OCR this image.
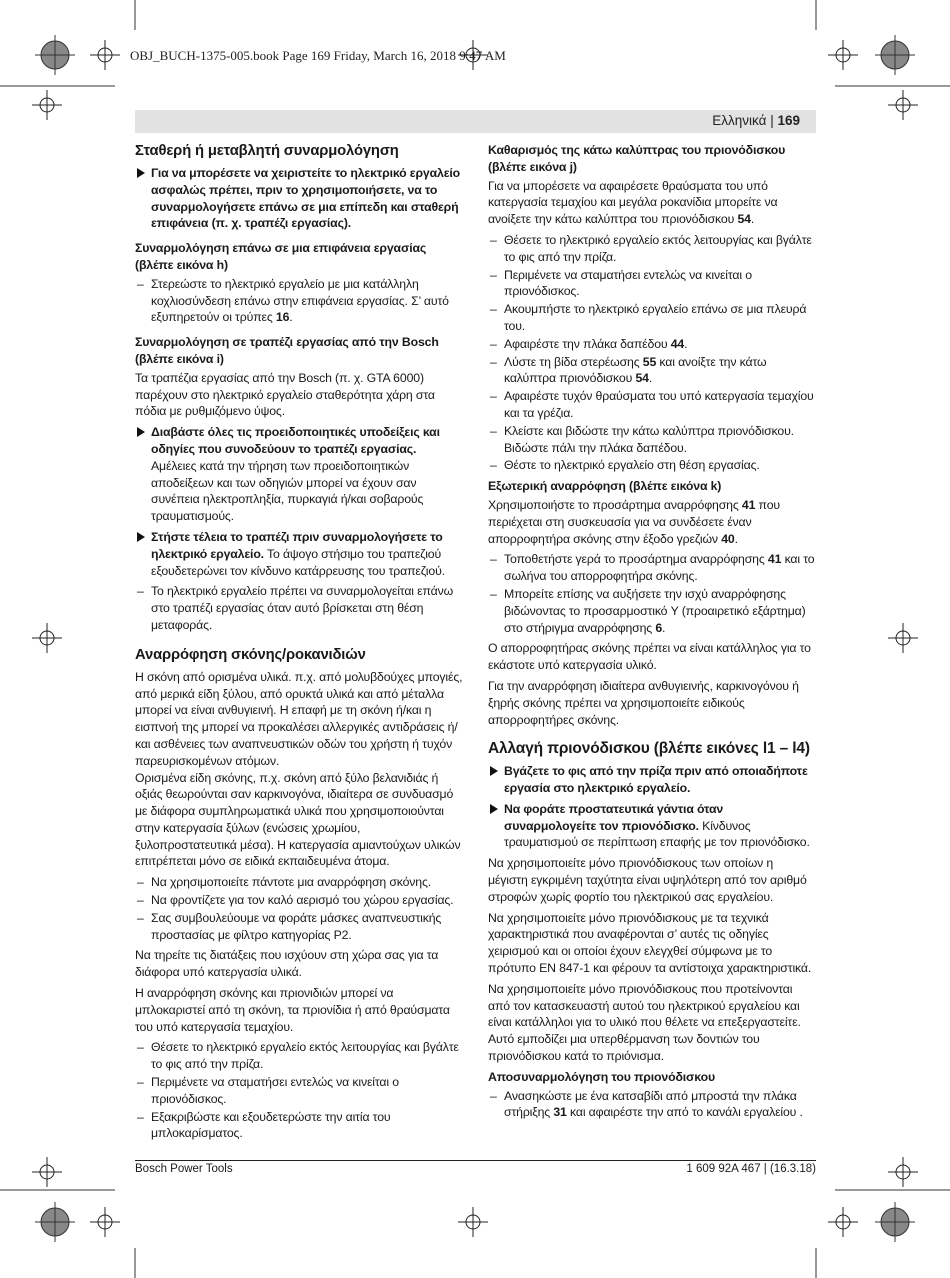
OBJ_BUCH-1375-005.book Page 169 Friday, March 16, 2018 9:47 AM
Ελληνικά | 169
Σταθερή ή μεταβλητή συναρμολόγηση
Για να μπορέσετε να χειριστείτε το ηλεκτρικό εργαλείο ασφαλώς πρέπει, πριν το χρησιμοποιήσετε, να το συναρμολογήσετε επάνω σε μια επίπεδη και σταθερή επιφάνεια (π. χ. τραπέζι εργασίας).
Συναρμολόγηση επάνω σε μια επιφάνεια εργασίας (βλέπε εικόνα h)
– Στερεώστε το ηλεκτρικό εργαλείο με μια κατάλληλη κοχλιοσύνδεση επάνω στην επιφάνεια εργασίας. Σ’ αυτό εξυπηρετούν οι τρύπες 16.
Συναρμολόγηση σε τραπέζι εργασίας από την Bosch (βλέπε εικόνα i)

Τα τραπέζια εργασίας από την Bosch (π. χ. GTA 6000) παρέχουν στο ηλεκτρικό εργαλείο σταθερότητα χάρη στα πόδια με ρυθμιζόμενο ύψος.

Διαβάστε όλες τις προειδοποιητικές υποδείξεις και οδηγίες που συνοδεύουν το τραπέζι εργασίας. Αμέλειες κατά την τήρηση των προειδοποιητικών αποδείξεων και των οδηγιών μπορεί να έχουν σαν συνέπεια ηλεκτροπληξία, πυρκαγιά ή/και σοβαρούς τραυματισμούς.
Στήστε τέλεια το τραπέζι πριν συναρμολογήσετε το ηλεκτρικό εργαλείο. Το άψογο στήσιμο του τραπεζιού εξουδετερώνει τον κίνδυνο κατάρρευσης του τραπεζιού.
– Το ηλεκτρικό εργαλείο πρέπει να συναρμολογείται επάνω στο τραπέζι εργασίας όταν αυτό βρίσκεται στη θέση μεταφοράς.
Αναρρόφηση σκόνης/ροκανιδιών

Η σκόνη από ορισμένα υλικά. π.χ. από μολυβδούχες μπογιές, από μερικά είδη ξύλου, από ορυκτά υλικά και από μέταλλα μπορεί να είναι ανθυγιεινή. Η επαφή με τη σκόνη ή/και η εισπνοή της μπορεί να προκαλέσει αλλεργικές αντιδράσεις ή/και ασθένειες των αναπνευστικών οδών του χρήστη ή τυχόν παρευρισκομένων ατόμων.

Ορισμένα είδη σκόνης, π.χ. σκόνη από ξύλο βελανιδιάς ή οξιάς θεωρούνται σαν καρκινογόνα, ιδιαίτερα σε συνδυασμό με διάφορα συμπληρωματικά υλικά που χρησιμοποιούνται στην κατεργασία ξύλων (ενώσεις χρωμίου, ξυλοπροστατευτικά μέσα). Η κατεργασία αμιαντούχων υλικών επιτρέπεται μόνο σε ειδικά εκπαιδευμένα άτομα.

– Να χρησιμοποιείτε πάντοτε μια αναρρόφηση σκόνης.
– Να φροντίζετε για τον καλό αερισμό του χώρου εργασίας.
– Σας συμβουλεύουμε να φοράτε μάσκες αναπνευστικής προστασίας με φίλτρο κατηγορίας P2.

Να τηρείτε τις διατάξεις που ισχύουν στη χώρα σας για τα διάφορα υπό κατεργασία υλικά.

Η αναρρόφηση σκόνης και πριονιδιών μπορεί να μπλοκαριστεί από τη σκόνη, τα πριονίδια ή από θραύσματα του υπό κατεργασία τεμαχίου.

– Θέσετε το ηλεκτρικό εργαλείο εκτός λειτουργίας και βγάλτε το φις από την πρίζα.
– Περιμένετε να σταματήσει εντελώς να κινείται ο πριονόδισκος.
– Εξακριβώστε και εξουδετερώστε την αιτία του μπλοκαρίσματος.
Καθαρισμός της κάτω καλύπτρας του πριονόδισκου (βλέπε εικόνα j)

Για να μπορέσετε να αφαιρέσετε θραύσματα του υπό κατεργασία τεμαχίου και μεγάλα ροκανίδια μπορείτε να ανοίξετε την κάτω καλύπτρα του πριονόδισκου 54.

– Θέσετε το ηλεκτρικό εργαλείο εκτός λειτουργίας και βγάλτε το φις από την πρίζα.
– Περιμένετε να σταματήσει εντελώς να κινείται ο πριονόδισκος.
– Ακουμπήστε το ηλεκτρικό εργαλείο επάνω σε μια πλευρά του.
– Αφαιρέστε την πλάκα δαπέδου 44.
– Λύστε τη βίδα στερέωσης 55 και ανοίξτε την κάτω καλύπτρα πριονόδισκου 54.
– Αφαιρέστε τυχόν θραύσματα του υπό κατεργασία τεμαχίου και τα γρέζια.
– Κλείστε και βιδώστε την κάτω καλύπτρα πριονόδισκου. Βιδώστε πάλι την πλάκα δαπέδου.
– Θέστε το ηλεκτρικό εργαλείο στη θέση εργασίας.
Εξωτερική αναρρόφηση (βλέπε εικόνα k)

Χρησιμοποιήστε το προσάρτημα αναρρόφησης 41 που περιέχεται στη συσκευασία για να συνδέσετε έναν απορροφητήρα σκόνης στην έξοδο γρεζιών 40.

– Τοποθετήστε γερά το προσάρτημα αναρρόφησης 41 και το σωλήνα του απορροφητήρα σκόνης.
– Μπορείτε επίσης να αυξήσετε την ισχύ αναρρόφησης βιδώνοντας το προσαρμοστικό Y (προαιρετικό εξάρτημα) στο στήριγμα αναρρόφησης 6.

Ο απορροφητήρας σκόνης πρέπει να είναι κατάλληλος για το εκάστοτε υπό κατεργασία υλικό.

Για την αναρρόφηση ιδιαίτερα ανθυγιεινής, καρκινογόνου ή ξηρής σκόνης πρέπει να χρησιμοποιείτε ειδικούς απορροφητήρες σκόνης.

Αλλαγή πριονόδισκου (βλέπε εικόνες l1 – l4)
Βγάζετε το φις από την πρίζα πριν από οποιαδήποτε εργασία στο ηλεκτρικό εργαλείο.
Να φοράτε προστατευτικά γάντια όταν συναρμολογείτε τον πριονόδισκο. Κίνδυνος τραυματισμού σε περίπτωση επαφής με τον πριονόδισκο.

Να χρησιμοποιείτε μόνο πριονόδισκους των οποίων η μέγιστη εγκριμένη ταχύτητα είναι υψηλότερη από τον αριθμό στροφών χωρίς φορτίο του ηλεκτρικού σας εργαλείου.

Να χρησιμοποιείτε μόνο πριονόδισκους με τα τεχνικά χαρακτηριστικά που αναφέρονται σ’ αυτές τις οδηγίες χειρισμού και οι οποίοι έχουν ελεγχθεί σύμφωνα με το πρότυπο EN 847-1 και φέρουν τα αντίστοιχα χαρακτηριστικά.

Να χρησιμοποιείτε μόνο πριονόδισκους που προτείνονται από τον κατασκευαστή αυτού του ηλεκτρικού εργαλείου και είναι κατάλληλοι για το υλικό που θέλετε να επεξεργαστείτε. Αυτό εμποδίζει μια υπερθέρμανση των δοντιών του πριονόδισκου κατά το πριόνισμα.

Αποσυναρμολόγηση του πριονόδισκου
– Ανασηκώστε με ένα κατσαβίδι από μπροστά την πλάκα στήριξης 31 και αφαιρέστε την από το κανάλι εργαλείου .
Bosch Power Tools	1 609 92A 467 | (16.3.18)
